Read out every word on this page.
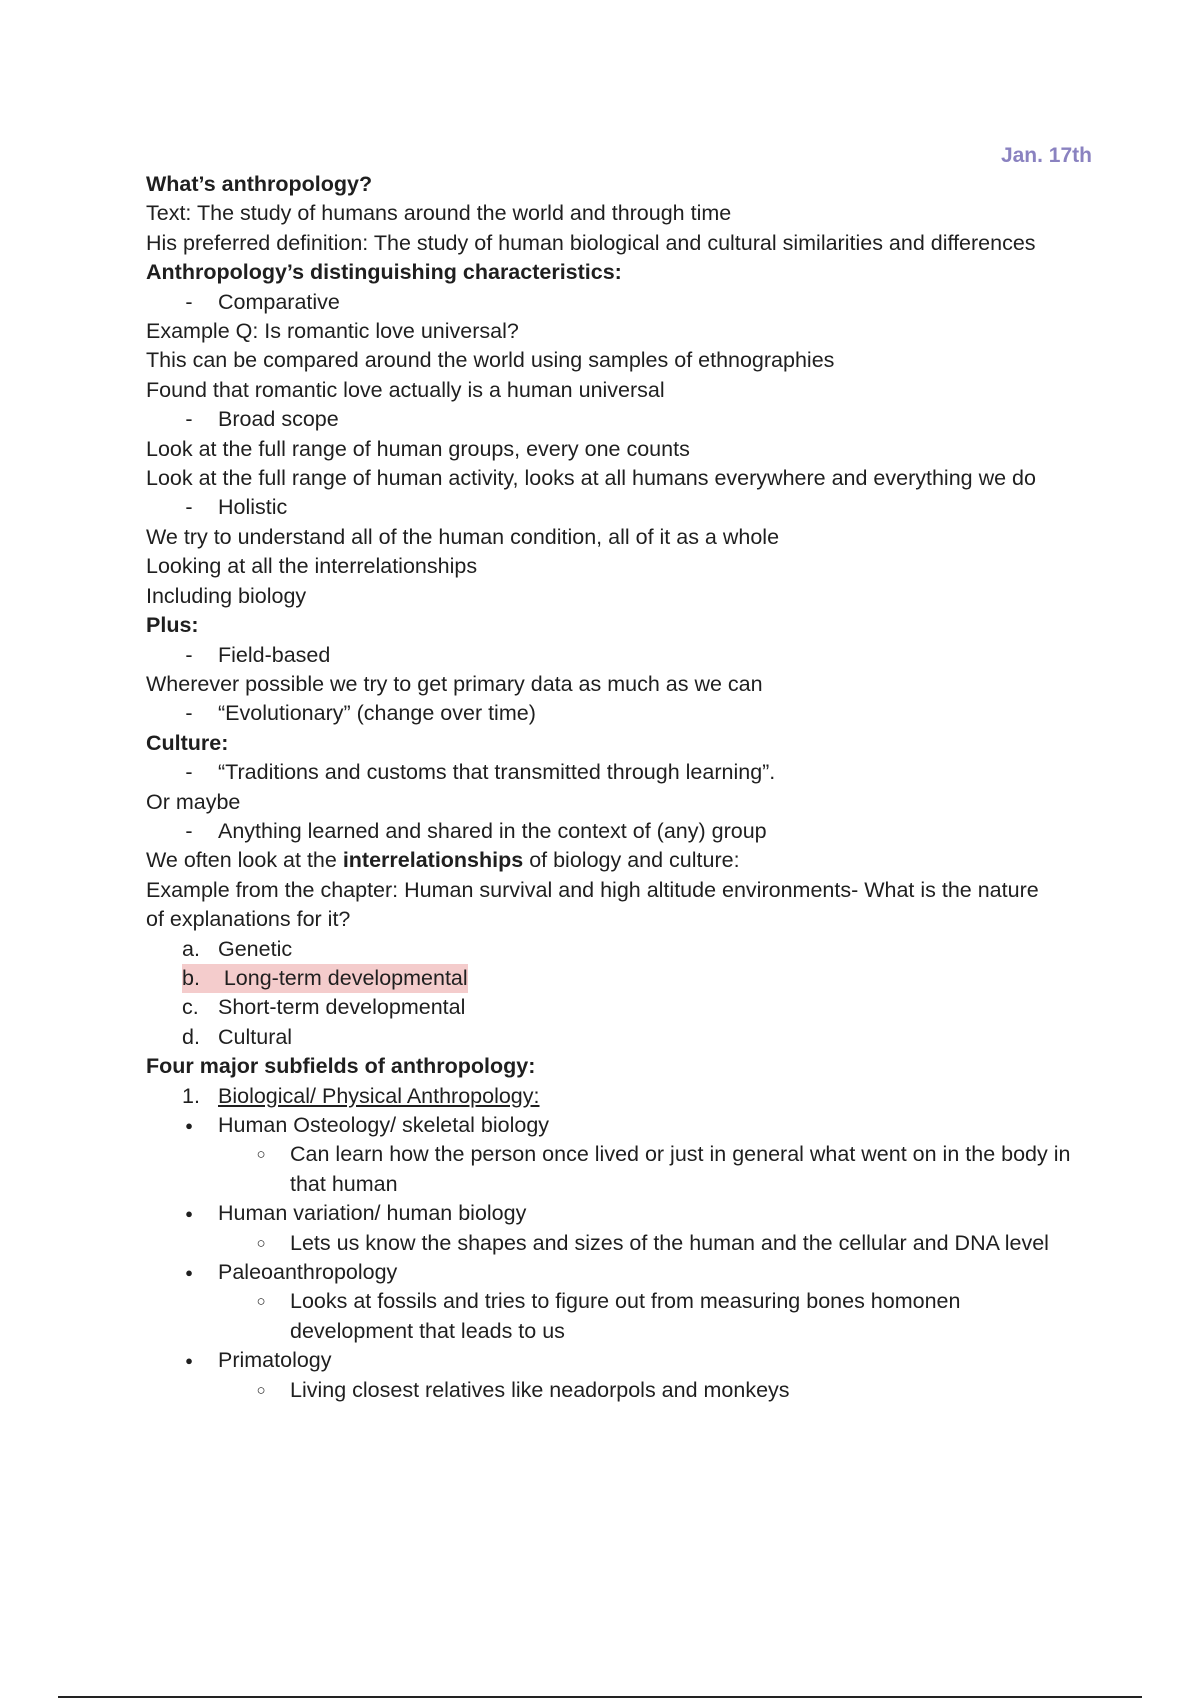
Jan. 17th
What’s anthropology?
Text: The study of humans around the world and through time
His preferred definition: The study of human biological and cultural similarities and differences
Anthropology’s distinguishing characteristics:
- Comparative
Example Q: Is romantic love universal?
This can be compared around the world using samples of ethnographies
Found that romantic love actually is a human universal
- Broad scope
Look at the full range of human groups, every one counts
Look at the full range of human activity, looks at all humans everywhere and everything we do
- Holistic
We try to understand all of the human condition, all of it as a whole
Looking at all the interrelationships
Including biology
Plus:
- Field-based
Wherever possible we try to get primary data as much as we can
- “Evolutionary” (change over time)
Culture:
- “Traditions and customs that transmitted through learning”.
Or maybe
- Anything learned and shared in the context of (any) group
We often look at the interrelationships of biology and culture:
Example from the chapter: Human survival and high altitude environments- What is the nature
of explanations for it?
a. Genetic
b. Long-term developmental

c. Short-term developmental
d. Cultural
Four major subfields of anthropology:
1. Biological/ Physical Anthropology:
● Human Osteology/ skeletal biology
○ Can learn how the person once lived or just in general what went on in the body in that human
● Human variation/ human biology
○ Lets us know the shapes and sizes of the human and the cellular and DNA level
● Paleoanthropology
○ Looks at fossils and tries to figure out from measuring bones homonen development that leads to us
● Primatology
○ Living closest relatives like neadorpols and monkeys
